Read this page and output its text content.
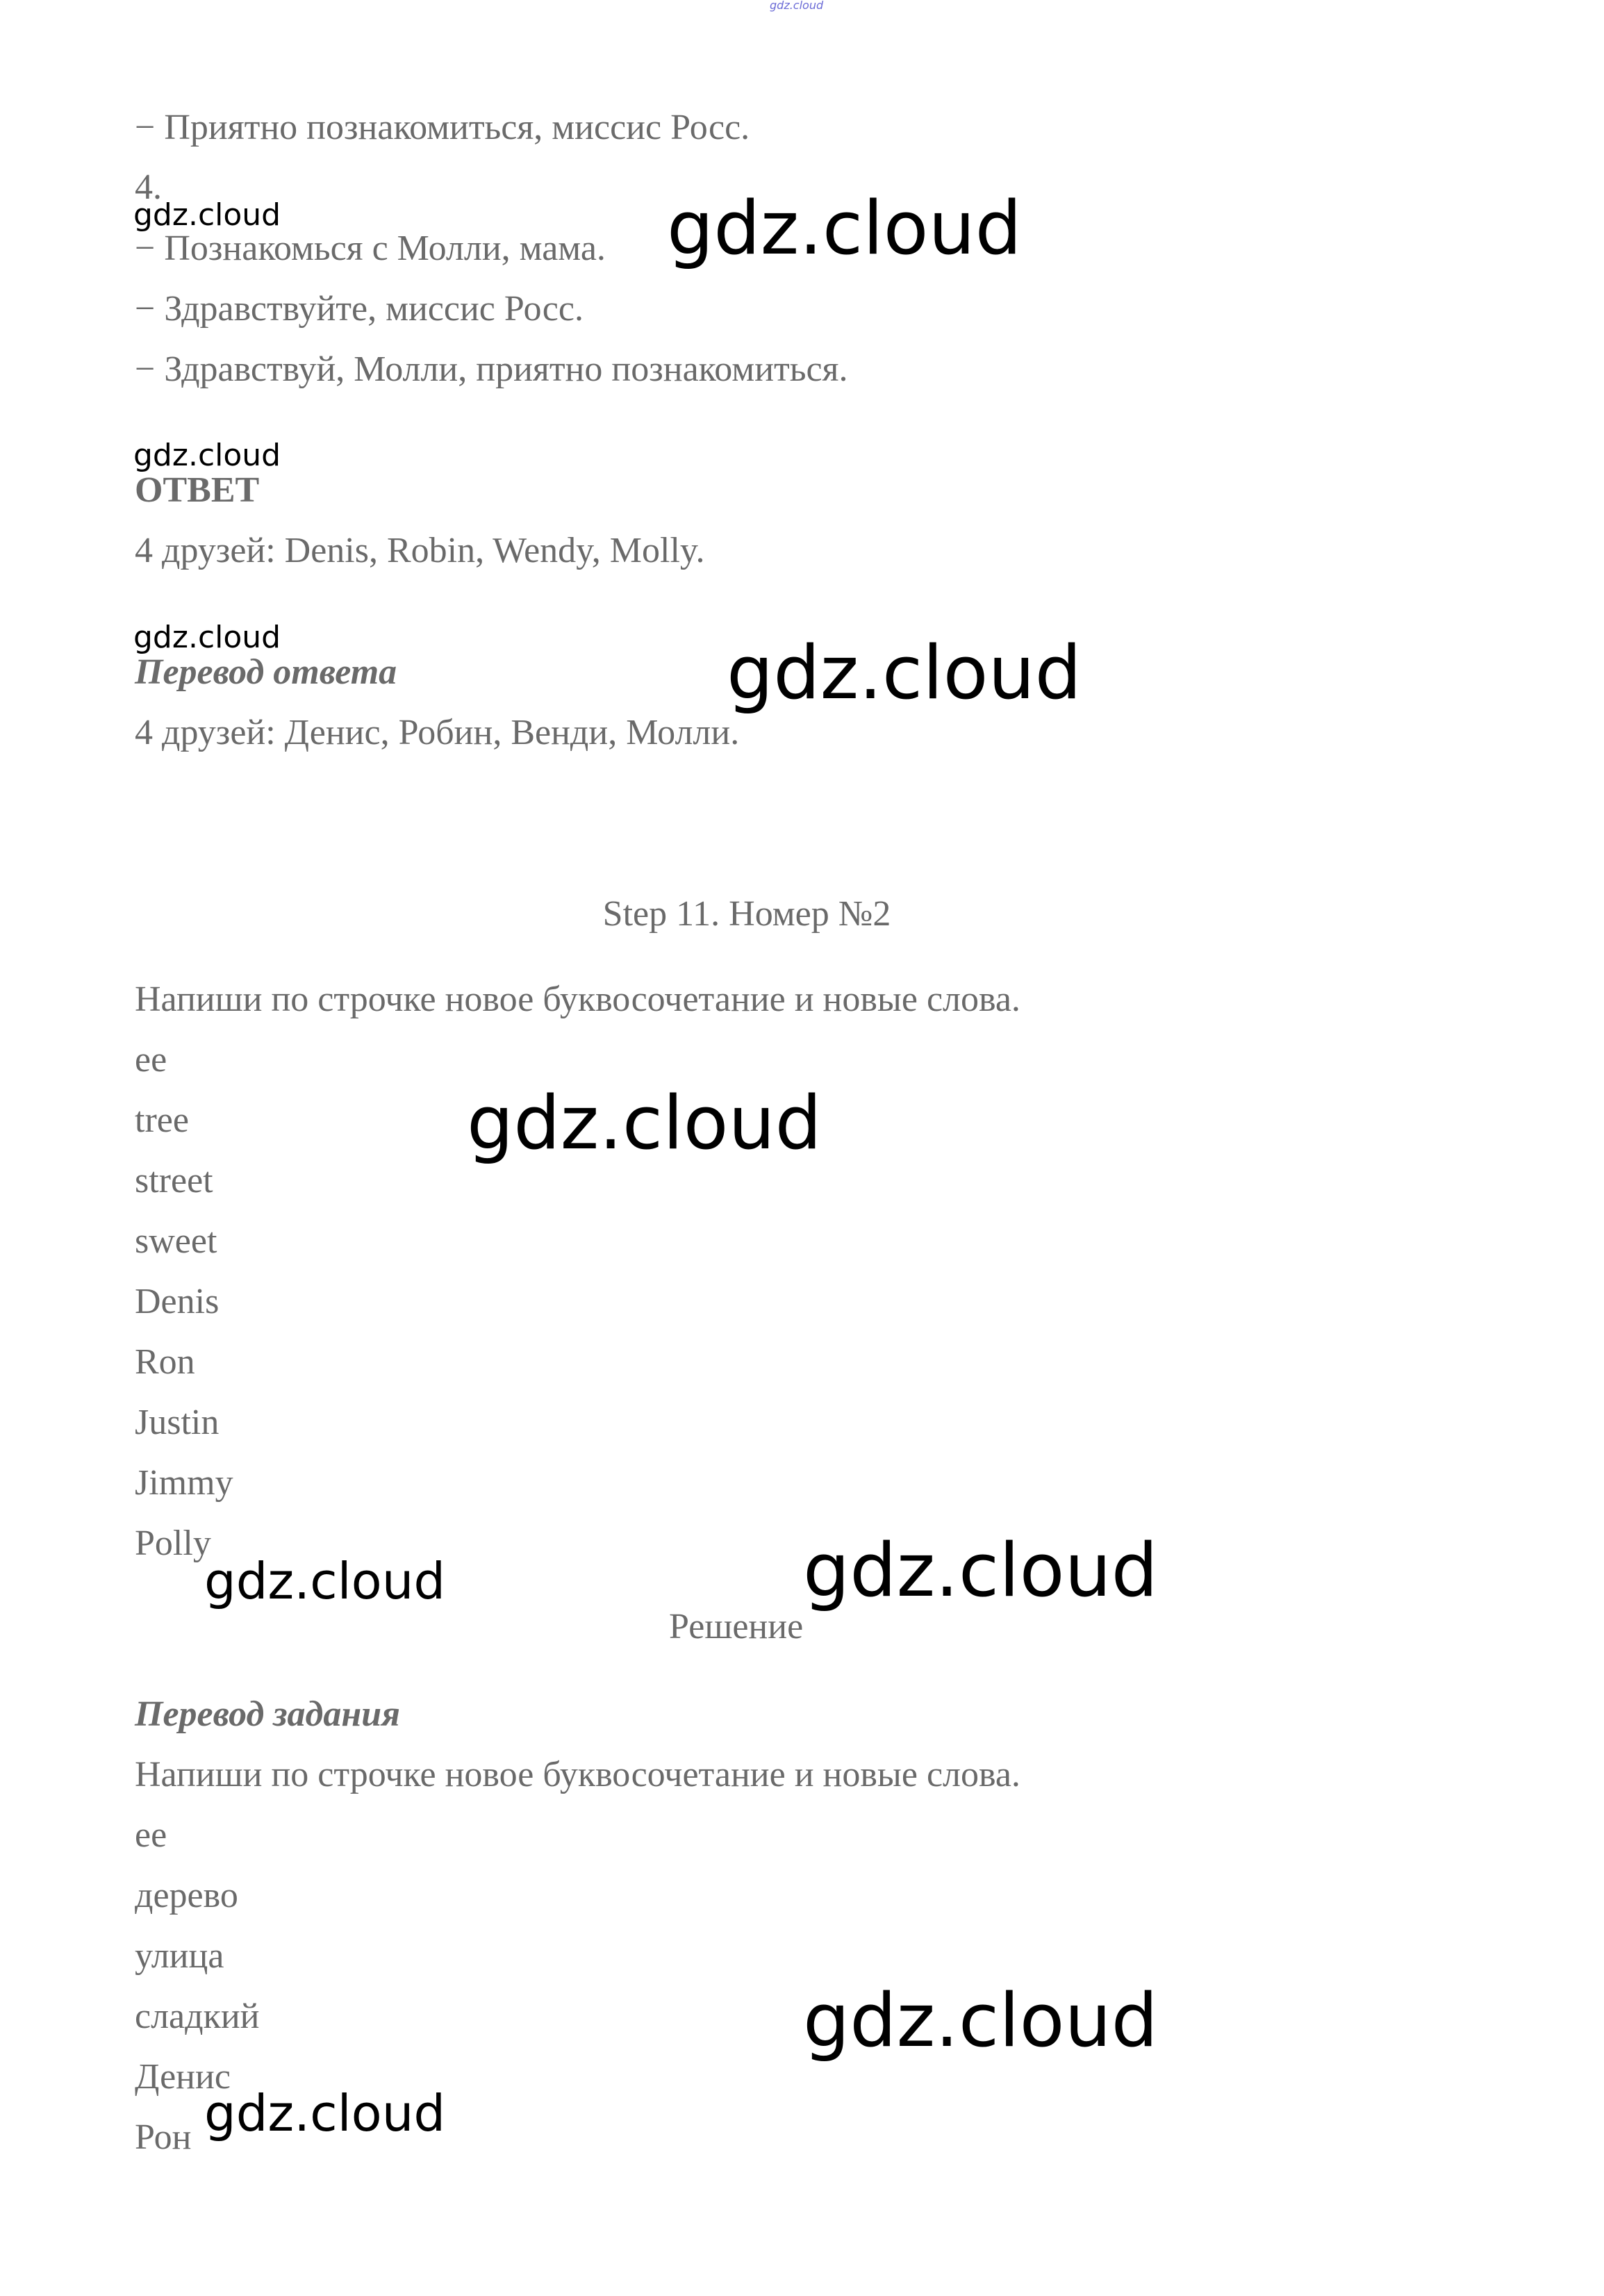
gdz.cloud

− Приятно познакомиться, миссис Росс.

4.

− Познакомься с Молли, мама.

− Здравствуйте, миссис Росс.

− Здравствуй, Молли, приятно познакомиться.

ОТВЕТ

4 друзей: Denis, Robin, Wendy, Molly.

Перевод ответа

4 друзей: Денис, Робин, Венди, Молли.

Step 11. Номер №2

Напиши по строчке новое буквосочетание и новые слова.

ee

tree

street

sweet

Denis

Ron

Justin

Jimmy

Polly

Решение

Перевод задания

Напиши по строчке новое буквосочетание и новые слова.

ee

дерево

улица

сладкий

Денис

Рон

gdz.cloud	gdz.cloud
gdz.cloud
gdz.cloud	gdz.cloud
gdz.cloud
gdz.cloud	gdz.cloud
gdz.cloud
gdz.cloud
